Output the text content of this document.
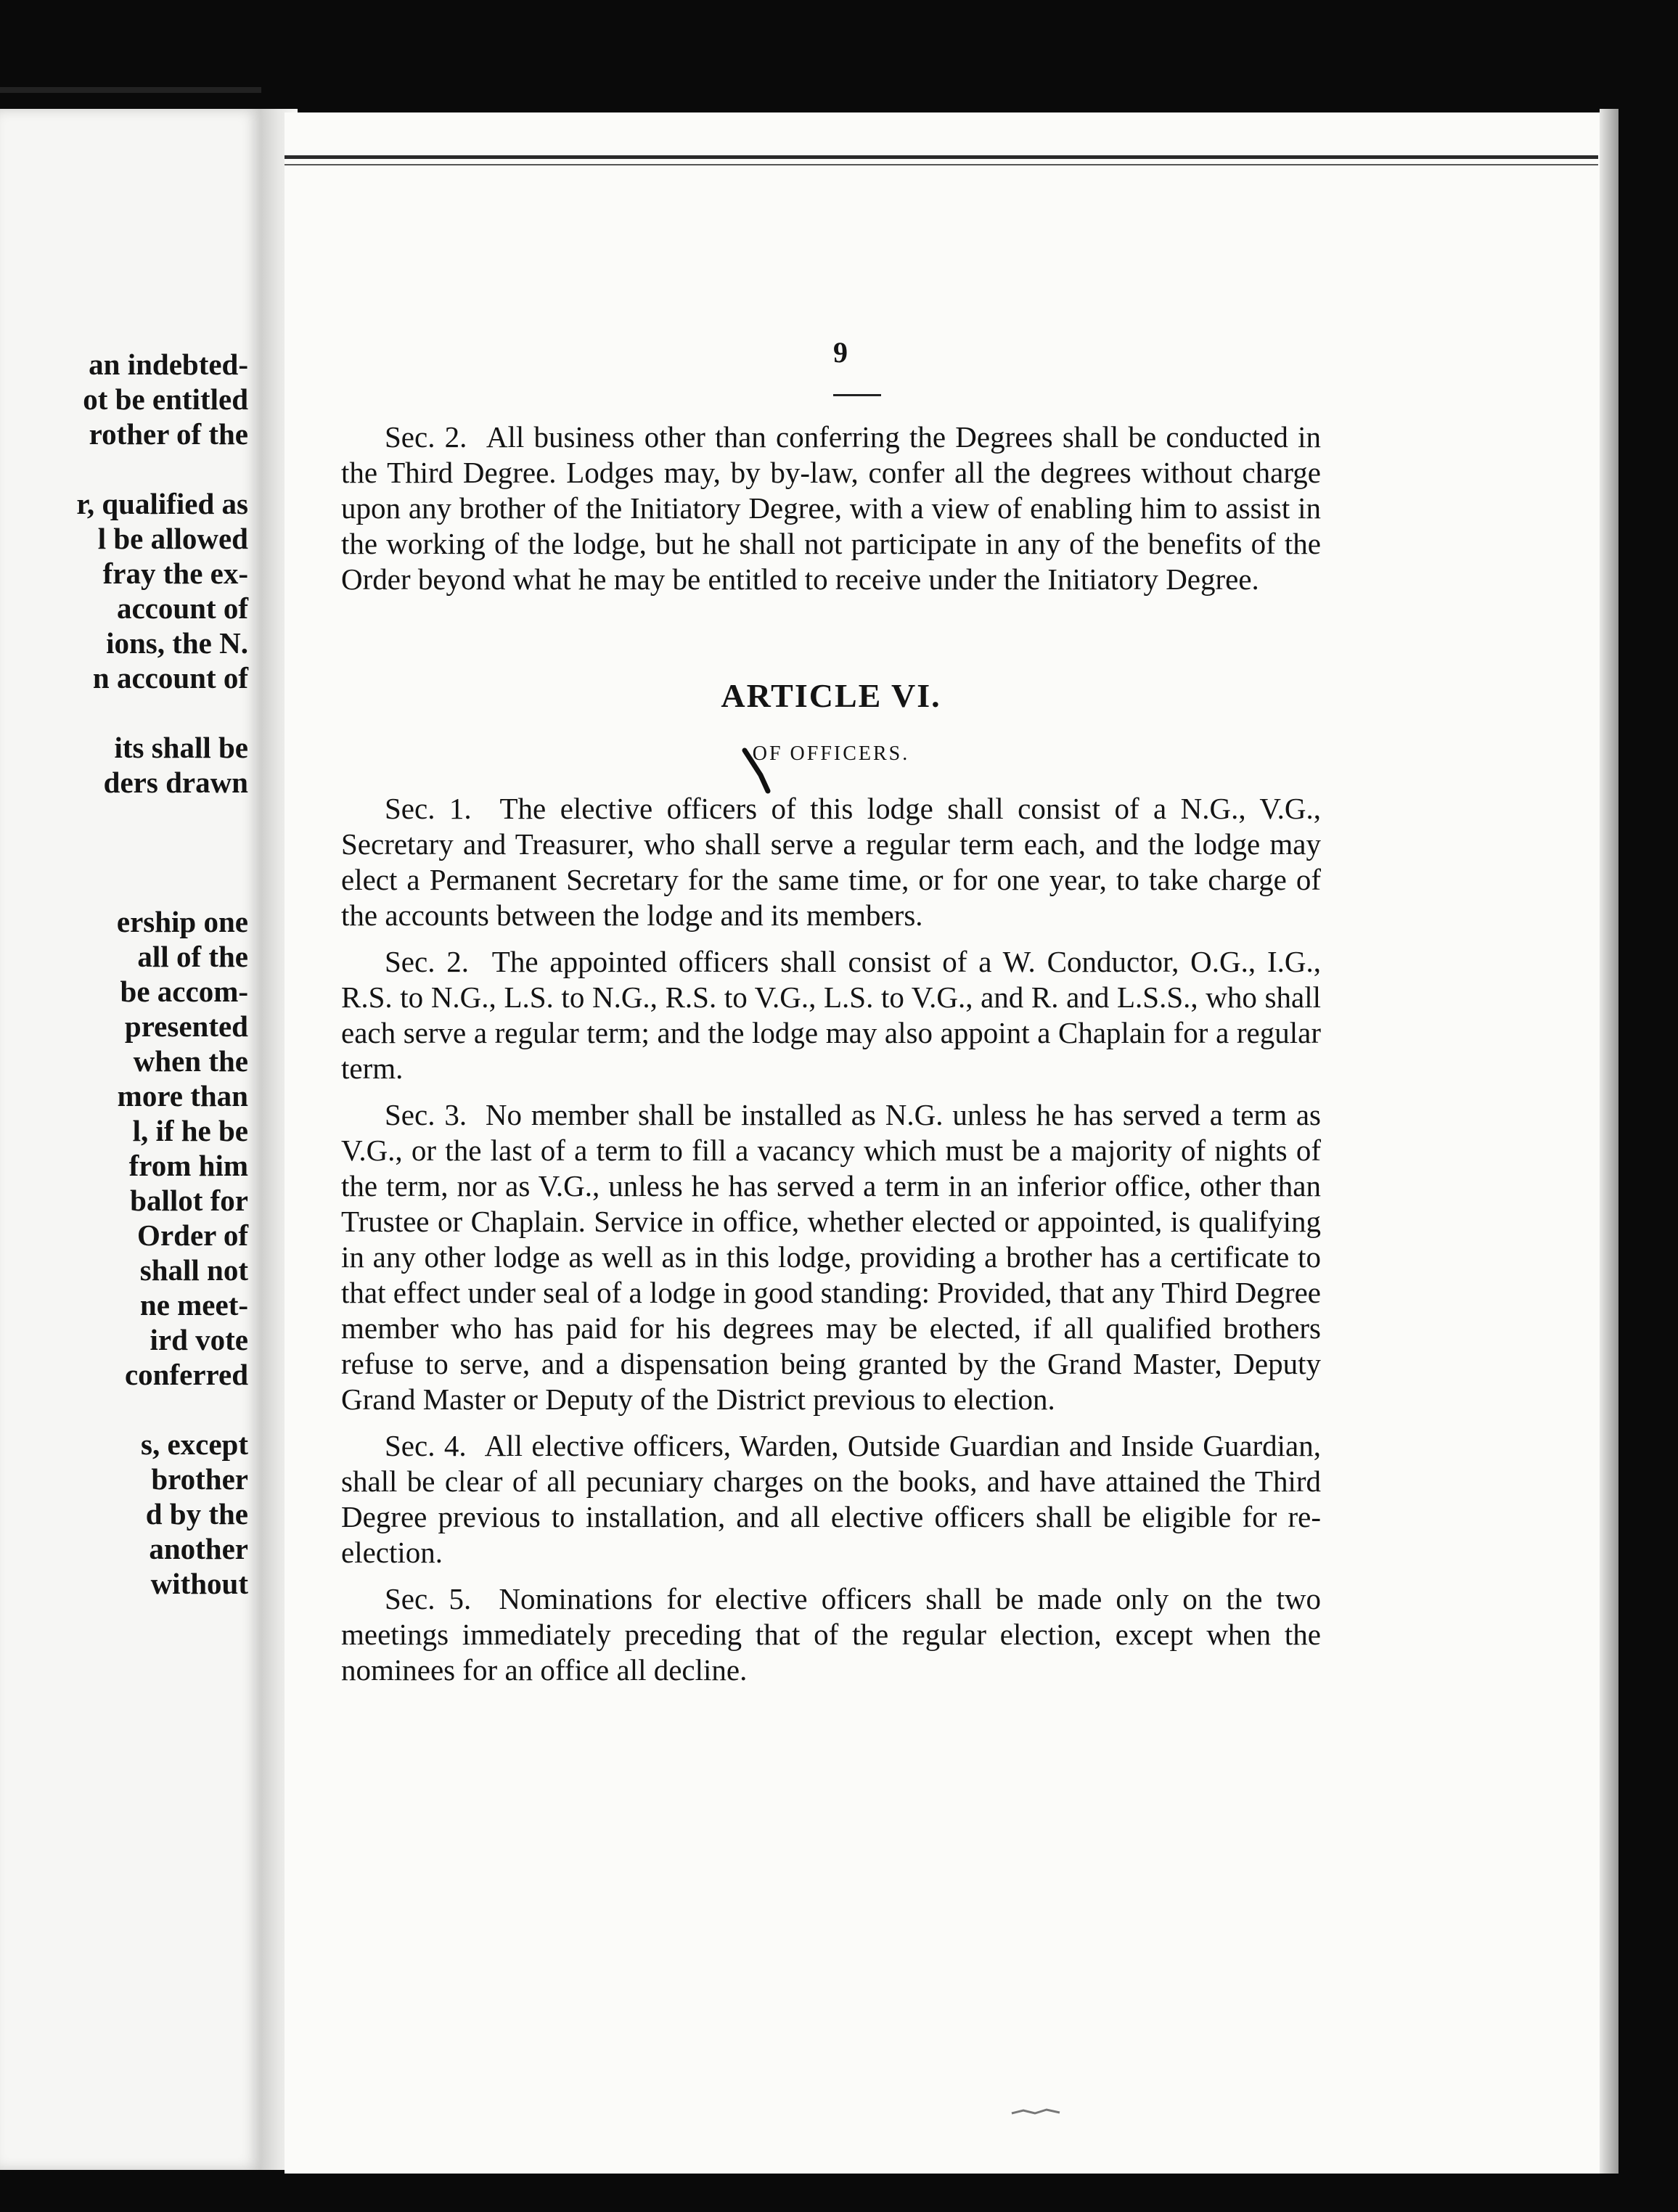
an indebted-
ot be entitled
rother of the
r, qualified as
l be allowed
fray the ex-
account of
ions, the N.
n account of
its shall be
ders drawn
ership one
all of the
be accom-
presented
when the
more than
l, if he be
from him
ballot for
Order of
shall not
ne meet-
ird vote
conferred
s, except
brother
d by the
another
without
9

Sec. 2. All business other than conferring the Degrees shall be conducted in the Third Degree. Lodges may, by by-law, confer all the degrees without charge upon any brother of the Initiatory Degree, with a view of enabling him to assist in the working of the lodge, but he shall not participate in any of the benefits of the Order beyond what he may be entitled to receive under the Initiatory Degree.

ARTICLE VI.
OF OFFICERS.

Sec. 1. The elective officers of this lodge shall consist of a N.G., V.G., Secretary and Treasurer, who shall serve a regular term each, and the lodge may elect a Permanent Secretary for the same time, or for one year, to take charge of the accounts between the lodge and its members.

Sec. 2. The appointed officers shall consist of a W. Conductor, O.G., I.G., R.S. to N.G., L.S. to N.G., R.S. to V.G., L.S. to V.G., and R. and L.S.S., who shall each serve a regular term; and the lodge may also appoint a Chaplain for a regular term.

Sec. 3. No member shall be installed as N.G. unless he has served a term as V.G., or the last of a term to fill a vacancy which must be a majority of nights of the term, nor as V.G., unless he has served a term in an inferior office, other than Trustee or Chaplain. Service in office, whether elected or appointed, is qualifying in any other lodge as well as in this lodge, providing a brother has a certificate to that effect under seal of a lodge in good standing: Provided, that any Third Degree member who has paid for his degrees may be elected, if all qualified brothers refuse to serve, and a dispensation being granted by the Grand Master, Deputy Grand Master or Deputy of the District previous to election.

Sec. 4. All elective officers, Warden, Outside Guardian and Inside Guardian, shall be clear of all pecuniary charges on the books, and have attained the Third Degree previous to installation, and all elective officers shall be eligible for re-election.

Sec. 5. Nominations for elective officers shall be made only on the two meetings immediately preceding that of the regular election, except when the nominees for an office all decline.
